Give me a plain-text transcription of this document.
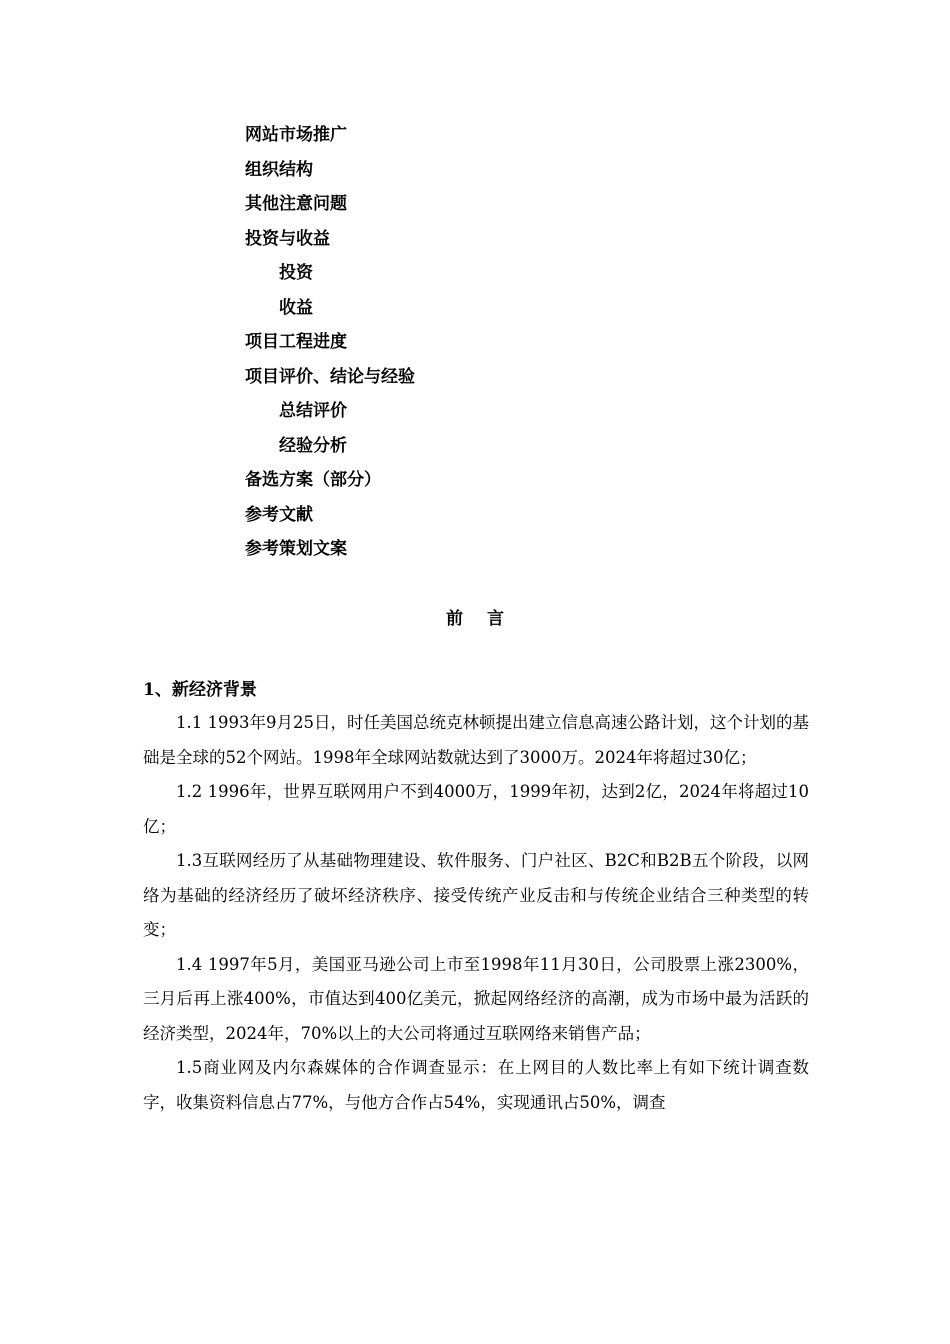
网站市场推广
组织结构
其他注意问题
投资与收益
投资
收益
项目工程进度
项目评价、结论与经验
总结评价
经验分析
备选方案（部分）
参考文献
参考策划文案
前 言
1、新经济背景

1.1 1993年9月25日，时任美国总统克林顿提出建立信息高速公路计划，这个计划的基础是全球的52个网站。1998年全球网站数就达到了3000万。2024年将超过30亿；

1.2 1996年，世界互联网用户不到4000万，1999年初，达到2亿，2024年将超过10亿；

1.3互联网经历了从基础物理建设、软件服务、门户社区、B2C和B2B五个阶段，以网络为基础的经济经历了破坏经济秩序、接受传统产业反击和与传统企业结合三种类型的转变；

1.4 1997年5月，美国亚马逊公司上市至1998年11月30日，公司股票上涨2300%，三月后再上涨400%，市值达到400亿美元，掀起网络经济的高潮，成为市场中最为活跃的经济类型，2024年，70%以上的大公司将通过互联网络来销售产品；

1.5商业网及内尔森媒体的合作调查显示：在上网目的人数比率上有如下统计调查数字，收集资料信息占77%，与他方合作占54%，实现通讯占50%，调查
